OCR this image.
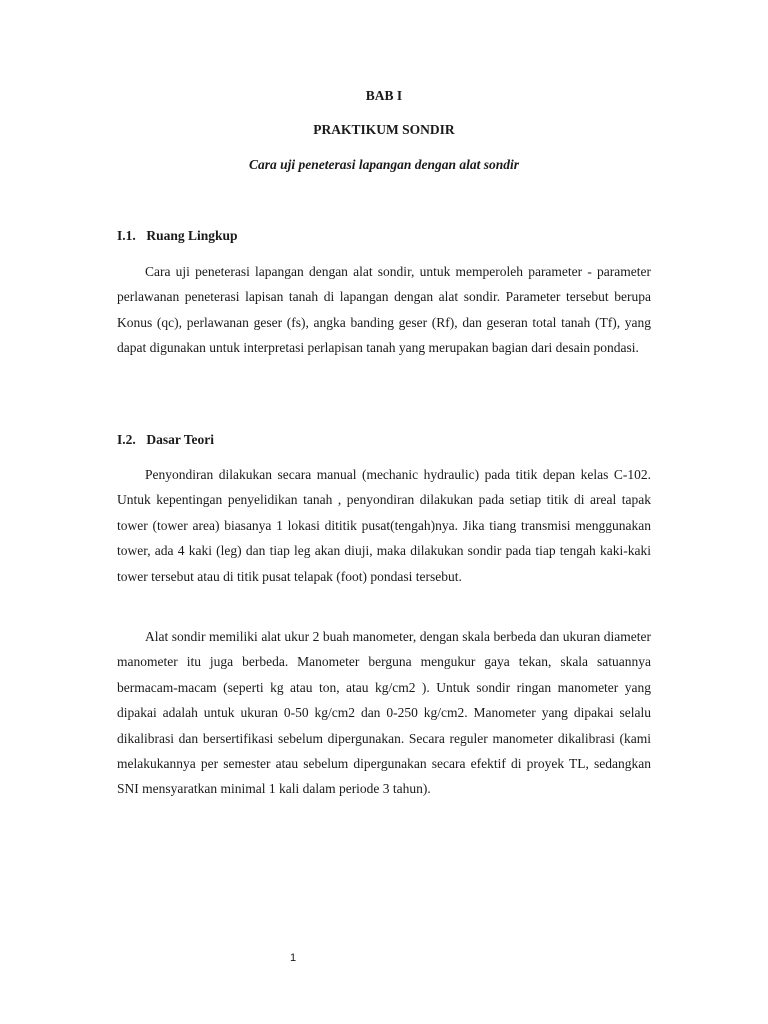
BAB I
PRAKTIKUM SONDIR
Cara uji peneterasi lapangan dengan alat sondir
I.1. Ruang Lingkup

Cara uji peneterasi lapangan dengan alat sondir, untuk memperoleh parameter - parameter perlawanan peneterasi lapisan tanah di lapangan dengan alat sondir. Parameter tersebut berupa Konus (qc), perlawanan geser (fs), angka banding geser (Rf), dan geseran total tanah (Tf), yang dapat digunakan untuk interpretasi perlapisan tanah yang merupakan bagian dari desain pondasi.

I.2. Dasar Teori

Penyondiran dilakukan secara manual (mechanic hydraulic) pada titik depan kelas C-102. Untuk kepentingan penyelidikan tanah , penyondiran dilakukan pada setiap titik di areal tapak tower (tower area) biasanya 1 lokasi dititik pusat(tengah)nya. Jika tiang transmisi menggunakan tower, ada 4 kaki (leg) dan tiap leg akan diuji, maka dilakukan sondir pada tiap tengah kaki-kaki tower tersebut atau di titik pusat telapak (foot) pondasi tersebut.

Alat sondir memiliki alat ukur 2 buah manometer, dengan skala berbeda dan ukuran diameter manometer itu juga berbeda. Manometer berguna mengukur gaya tekan, skala satuannya bermacam-macam (seperti kg atau ton, atau kg/cm2 ). Untuk sondir ringan manometer yang dipakai adalah untuk ukuran 0-50 kg/cm2 dan 0-250 kg/cm2. Manometer yang dipakai selalu dikalibrasi dan bersertifikasi sebelum dipergunakan. Secara reguler manometer dikalibrasi (kami melakukannya per semester atau sebelum dipergunakan secara efektif di proyek TL, sedangkan SNI mensyaratkan minimal 1 kali dalam periode 3 tahun).

1
